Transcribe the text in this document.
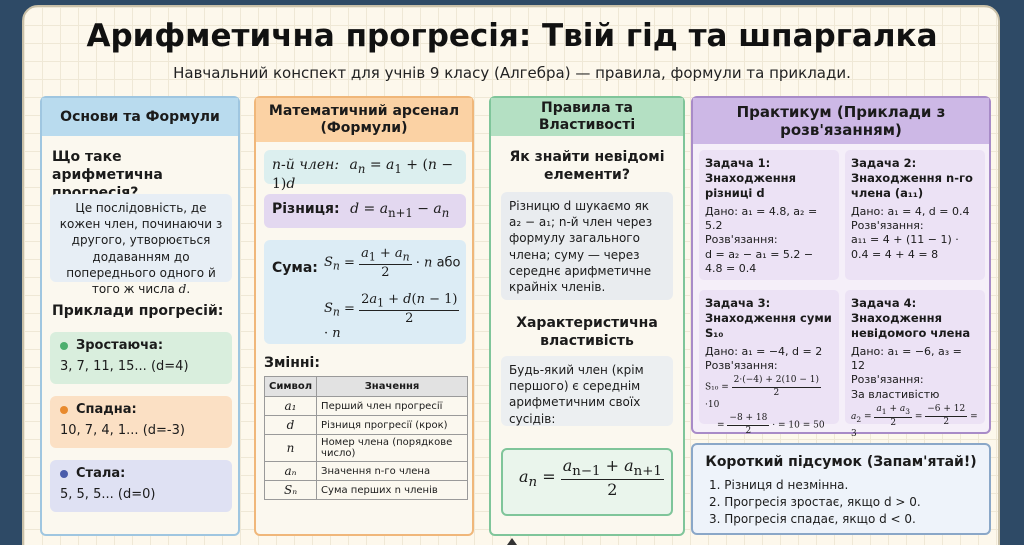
Арифметична прогресія: Твій гід та шпаргалка
Навчальний конспект для учнів 9 класу (Алгебра) — правила, формули та приклади.
Основи та Формули
Що таке арифметична
Це послідовність, де кожен член, починаючи з другого, утворюється додаванням до попереднього одного й того ж числа d.
Приклади прогресій:
Зростаюча:
3, 7, 11, 15... (d=4)
Спадна:
10, 7, 4, 1... (d=-3)
Стала:
5, 5, 5... (d=0)
Математичний арсенал (Формули)
n-й член: $a_n = a_1 + (n - 1)d$
Різниця: $d = a_{n+1} - a_n$
Сума: $S_n = \frac{a_1 + a_n}{2} \cdot n$ або
$S_n = \frac{2a_1 + d(n - 1)}{2}$
· n
Змінні:
Символ	Значення
a₁	Перший член прогресії
d	Різниця прогресії (крок)
n	Номер члена (порядкове число)
aₙ	Значення n-го члена
Sₙ	Сума перших n членів
Правила та Властивості
Як знайти невідомі елементи?
Різницю d шукаємо як a₂ − a₁; n-й член через формулу загального члена; суму — через середнє арифметичне крайніх членів.
Характеристична властивість
Будь-який член (крім першого) є середнім арифметичним своїх сусідів:
$a_n = \frac{a_{n-1} + a_{n+1}}{2}$
Практикум (Приклади з розв'язанням)
Задача 1: Знаходження різниці d
Дано: a₁ = 4.8, a₂ = 5.2
Розв'язання:
d = a₂ − a₁ = 5.2 − 4.8 = 0.4
Задача 2: Знаходження n-го члена (a₁₁)
Дано: a₁ = 4, d = 0.4
Розв'язання:
a₁₁ = 4 + (11 − 1) · 0.4 = 4 + 4 = 8
Задача 3: Знаходження суми S₁₀
Дано: a₁ = −4, d = 2
Розв'язання:
$S_{10} = \frac{2\cdot(-4) + 2(10 - 1)}{2}$
·10
= $\frac{-8 + 18}{2}$ · = 10 = 50
Задача 4: Знаходження невідомого члена
Дано: a₁ = −6, a₃ = 12
Розв'язання:
За властивістю
$a_2 = \frac{a_1 + a_3}{2} = \frac{-6 + 12}{2} = 3$
Короткий підсумок (Запам'ятай!)
1. Різниця d незмінна.
2. Прогресія зростає, якщо d > 0.
3. Прогресія спадає, якщо d < 0.
